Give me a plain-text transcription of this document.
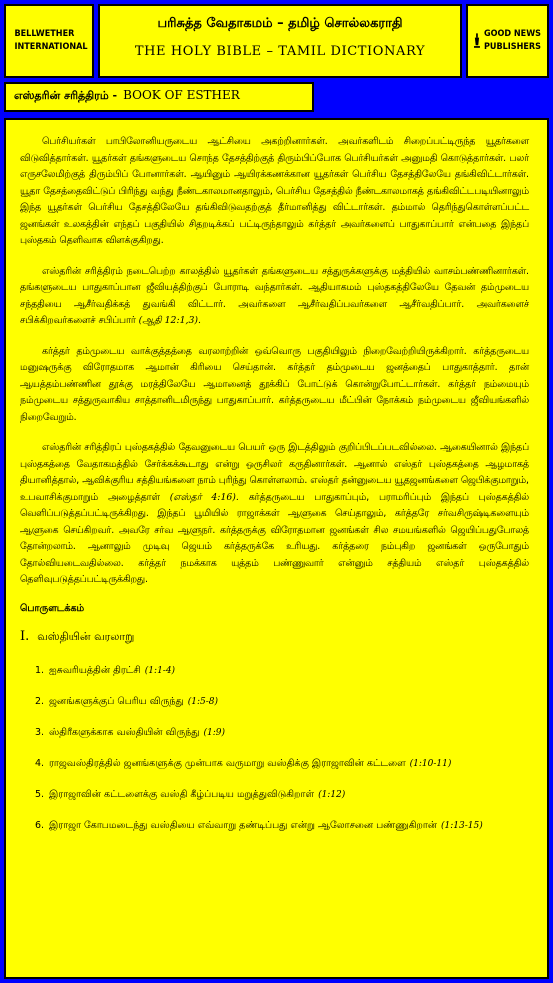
BELLWETHER
INTERNATIONAL
பரிசுத்த வேதாகமம் – தமிழ் சொல்லகராதி
THE HOLY BIBLE – TAMIL DICTIONARY
GOOD NEWS
PUBLISHERS
எஸ்தரின் சரித்திரம் - BOOK OF ESTHER

பெர்சியர்கள் பாபிலோனியருடைய ஆட்சியை அகற்றினார்கள். அவர்களிடம் சிறைப்பட்டிருந்த யூதர்களை விடுவித்தார்கள். யூதர்கள் தங்களுடைய சொந்த தேசத்திற்குத் திரும்பிப்போக பெர்சியர்கள் அனுமதி கொடுத்தார்கள். பலர் எருசலேமிற்குத் திரும்பிப் போனார்கள். ஆயினும் ஆயிரக்கணக்கான யூதர்கள் பெர்சிய தேசத்திலேயே தங்கிவிட்டார்கள். யூதா தேசத்தைவிட்டுப் பிரிந்து வந்து நீண்டகாலமானதாலும், பெர்சிய தேசத்தில் நீண்டகாலமாகத் தங்கிவிட்டபடியினாலும் இந்த யூதர்கள் பெர்சிய தேசத்திலேயே தங்கிவிடுவதற்குத் தீர்மானித்து விட்டார்கள். தம்மால் தெரிந்துகொள்ளப்பட்ட ஜனங்கள் உலகத்தின் எந்தப் பகுதியில் சிதறடிக்கப் பட்டிருந்தாலும் கர்த்தர் அவர்களைப் பாதுகாப்பார் என்பதை இந்தப் புஸ்தகம் தெளிவாக விளக்குகிறது.

எஸ்தரின் சரித்திரம் நடைபெற்ற காலத்தில் யூதர்கள் தங்களுடைய சத்துருக்களுக்கு மத்தியில் வாசம்பண்ணினார்கள். தங்களுடைய பாதுகாப்பான ஜீவியத்திற்குப் போராடி வந்தார்கள். ஆதியாகமம் புஸ்தகத்திலேயே தேவன் தம்முடைய சந்ததியை ஆசீர்வதிக்கத் துவங்கி விட்டார். அவர்களை ஆசீர்வதிப்பவர்களை ஆசீர்வதிப்பார். அவர்களைச் சபிக்கிறவர்களைச் சபிப்பார் (ஆதி 12:1,3).

கர்த்தர் தம்முடைய வாக்குத்தத்தை வரலாற்றின் ஒவ்வொரு பகுதியிலும் நிறைவேற்றியிருக்கிறார். கர்த்தருடைய மனுஷருக்கு விரோதமாக ஆமான் கிரியை செய்தான். கர்த்தர் தம்முடைய ஜனத்தைப் பாதுகாத்தார். தான் ஆயத்தம்பண்ணின தூக்கு மரத்திலேயே ஆமானைத் தூக்கிப் போட்டுக் கொன்றுபோட்டார்கள். கர்த்தர் நம்மையும் நம்முடைய சத்துருவாகிய சாத்தானிடமிருந்து பாதுகாப்பார். கர்த்தருடைய மீட்பின் நோக்கம் நம்முடைய ஜீவியங்களில் நிறைவேறும்.

எஸ்தரின் சரித்திரப் புஸ்தகத்தில் தேவனுடைய பெயர் ஒரு இடத்திலும் குறிப்பிடப்படவில்லை. ஆகையினால் இந்தப் புஸ்தகத்தை வேதாகமத்தில் சேர்க்கக்கூடாது என்று ஒருசிலர் கருதினார்கள். ஆனால் எஸ்தர் புஸ்தகத்தை ஆழமாகத் தியானித்தால், ஆவிக்குரிய சத்தியங்களை நாம் புரிந்து கொள்ளலாம். எஸ்தர் தன்னுடைய யூதஜனங்களை ஜெபிக்குமாறும், உபவாசிக்குமாறும் அழைத்தாள் (எஸ்தர் 4:16). கர்த்தருடைய பாதுகாப்பும், பராமரிப்பும் இந்தப் புஸ்தகத்தில் வெளிப்படுத்தப்பட்டிருக்கிறது. இந்தப் பூமியில் ராஜாக்கள் ஆளுகை செய்தாலும், கர்த்தரே சர்வசிருஷ்டிகளையும் ஆளுகை செய்கிறவர். அவரே சர்வ ஆளுநர். கர்த்தருக்கு விரோதமான ஜனங்கள் சில சமயங்களில் ஜெயிப்பதுபோலத் தோன்றலாம். ஆனாலும் முடிவு ஜெயம் கர்த்தருக்கே உரியது. கர்த்தரை நம்புகிற ஜனங்கள் ஒருபோதும் தோல்வியடைவதில்லை. கர்த்தர் நமக்காக யுத்தம் பண்ணுவார் என்னும் சத்தியம் எஸ்தர் புஸ்தகத்தில் தெளிவுபடுத்தப்பட்டிருக்கிறது.

பொருளடக்கம்
I. வஸ்தியின் வரலாறு
1. ஐசுவரியத்தின் திரட்சி (1:1-4)
2. ஜனங்களுக்குப் பெரிய விருந்து (1:5-8)
3. ஸ்திரீகளுக்காக வஸ்தியின் விருந்து (1:9)
4. ராஜவஸ்திரத்தில் ஜனங்களுக்கு முன்பாக வருமாறு வஸ்திக்கு இராஜாவின் கட்டளை (1:10-11)
5. இராஜாவின் கட்டளைக்கு வஸ்தி கீழ்ப்படிய மறுத்துவிடுகிறாள் (1:12)
6. இராஜா கோபமடைந்து வஸ்தியை எவ்வாறு தண்டிப்பது என்று ஆலோசனை பண்ணுகிறான் (1:13-15)
